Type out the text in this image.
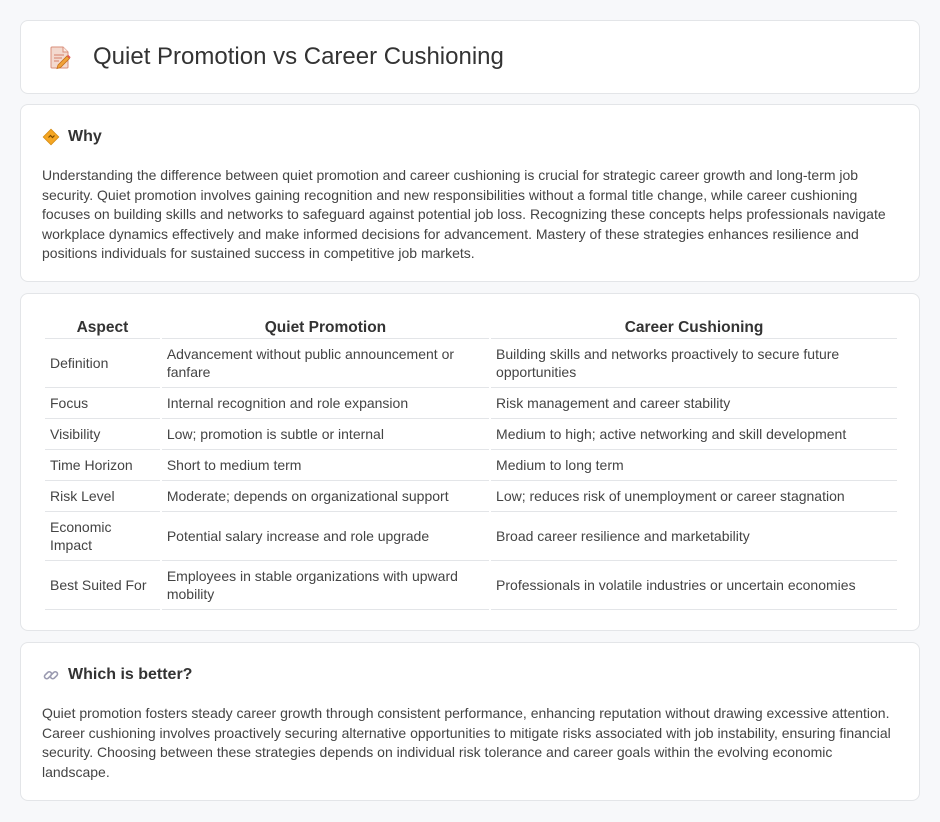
Quiet Promotion vs Career Cushioning
Why

Understanding the difference between quiet promotion and career cushioning is crucial for strategic career growth and long-term job security. Quiet promotion involves gaining recognition and new responsibilities without a formal title change, while career cushioning focuses on building skills and networks to safeguard against potential job loss. Recognizing these concepts helps professionals navigate workplace dynamics effectively and make informed decisions for advancement. Mastery of these strategies enhances resilience and positions individuals for sustained success in competitive job markets.

Aspect	Quiet Promotion	Career Cushioning
Definition	Advancement without public announcement or fanfare	Building skills and networks proactively to secure future opportunities
Focus	Internal recognition and role expansion	Risk management and career stability
Visibility	Low; promotion is subtle or internal	Medium to high; active networking and skill development
Time Horizon	Short to medium term	Medium to long term
Risk Level	Moderate; depends on organizational support	Low; reduces risk of unemployment or career stagnation
Economic Impact	Potential salary increase and role upgrade	Broad career resilience and marketability
Best Suited For	Employees in stable organizations with upward mobility	Professionals in volatile industries or uncertain economies
Which is better?

Quiet promotion fosters steady career growth through consistent performance, enhancing reputation without drawing excessive attention. Career cushioning involves proactively securing alternative opportunities to mitigate risks associated with job instability, ensuring financial security. Choosing between these strategies depends on individual risk tolerance and career goals within the evolving economic landscape.
